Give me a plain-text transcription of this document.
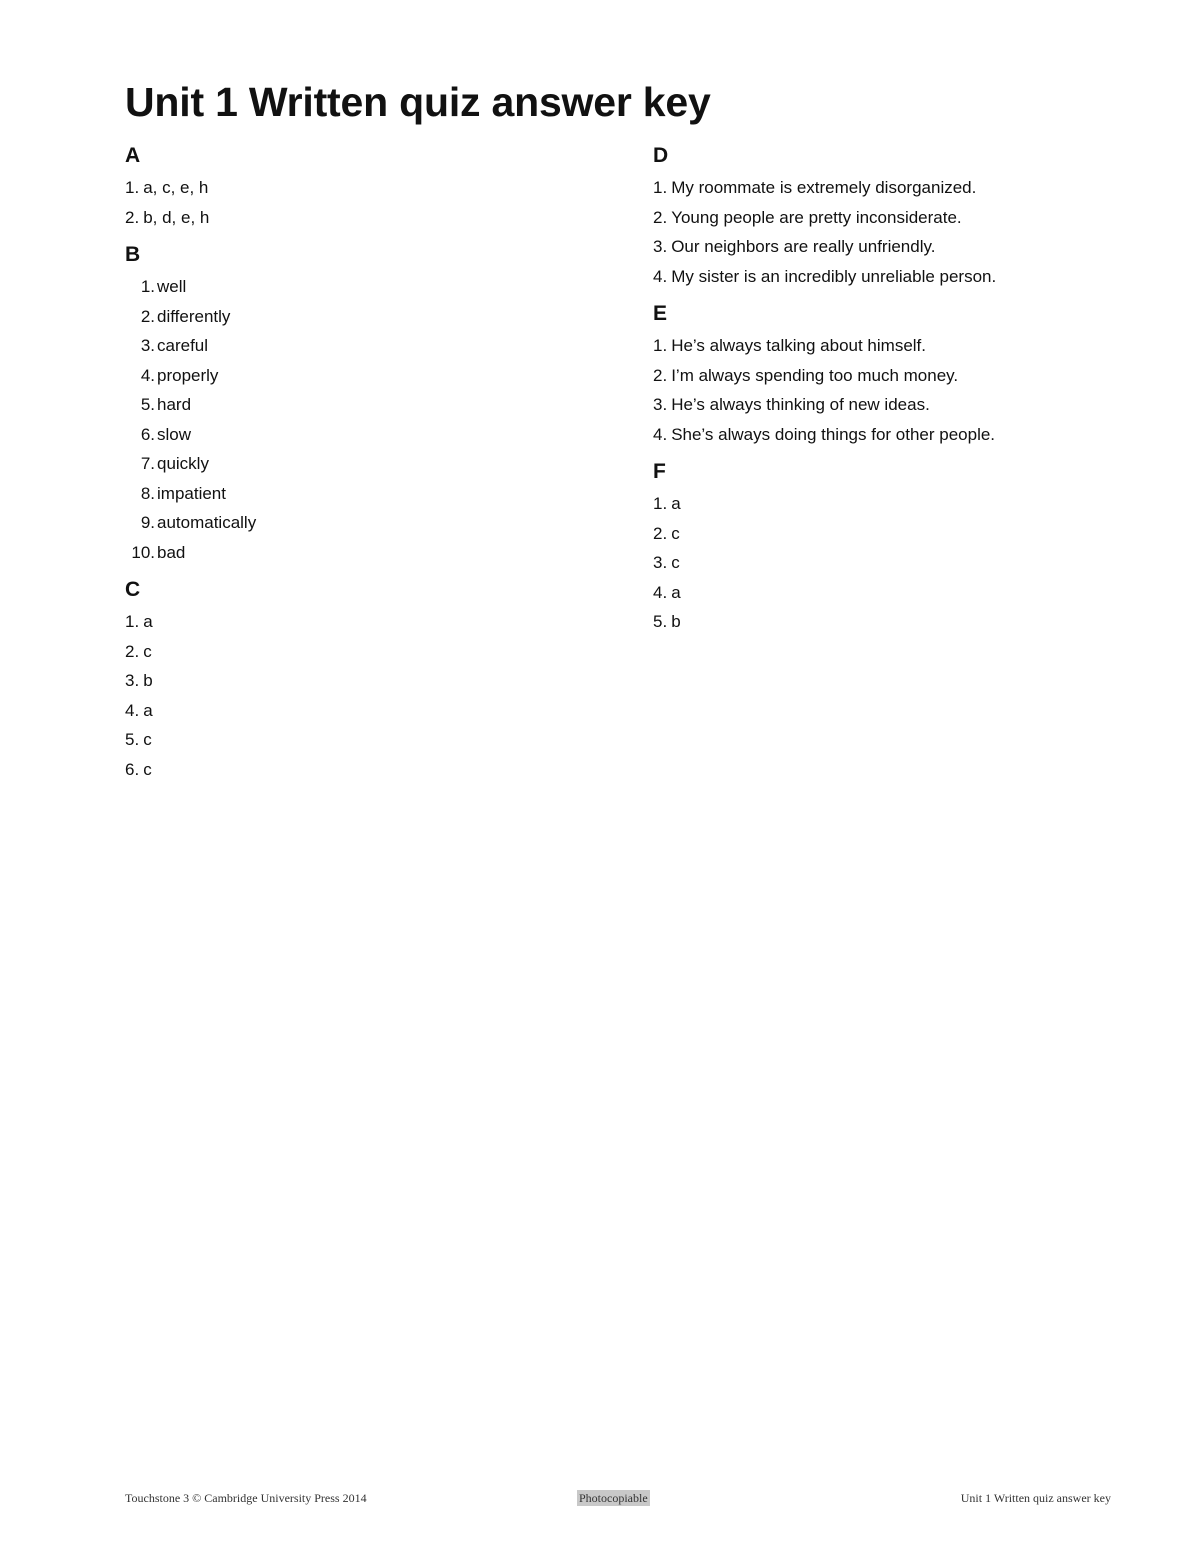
Unit 1 Written quiz answer key
A
1. a, c, e, h
2. b, d, e, h
B
1. well
2. differently
3. careful
4. properly
5. hard
6. slow
7. quickly
8. impatient
9. automatically
10. bad
C
1. a
2. c
3. b
4. a
5. c
6. c
D
1. My roommate is extremely disorganized.
2. Young people are pretty inconsiderate.
3. Our neighbors are really unfriendly.
4. My sister is an incredibly unreliable person.
E
1. He’s always talking about himself.
2. I’m always spending too much money.
3. He’s always thinking of new ideas.
4. She’s always doing things for other people.
F
1. a
2. c
3. c
4. a
5. b
Touchstone 3 © Cambridge University Press 2014	Photocopiable	Unit 1 Written quiz answer key
